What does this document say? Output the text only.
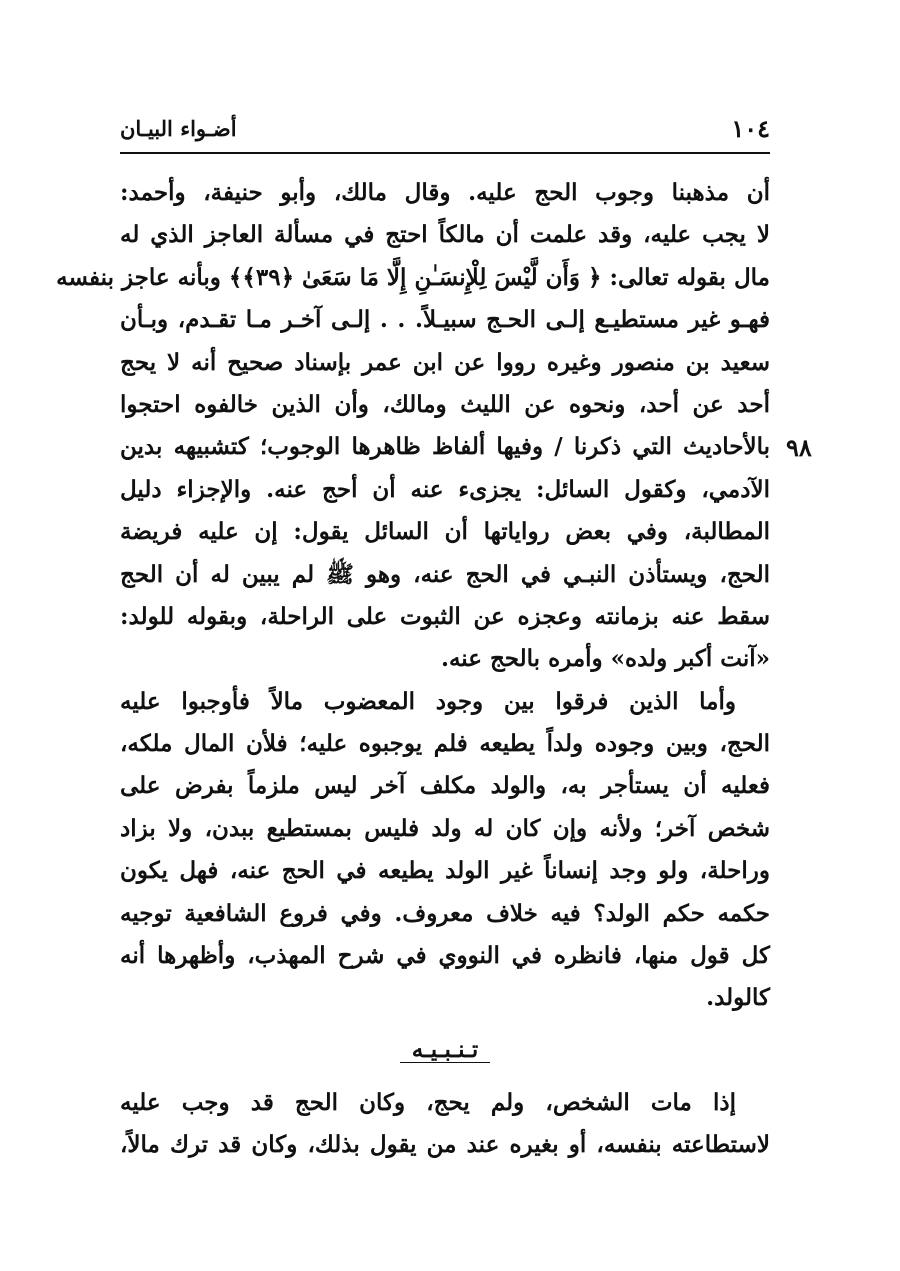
١٠٤
أضـواء البيـان
٩٨
أن مذهبنا وجوب الحج عليه. وقال مالك، وأبو حنيفة، وأحمد:
لا يجب عليه، وقد علمت أن مالكاً احتج في مسألة العاجز الذي له
مال بقوله تعالى: ﴿ وَأَن لَّيْسَ لِلْإِنسَـٰنِ إِلَّا مَا سَعَىٰ ﴿٣٩﴾﴾ وبأنه عاجز بنفسه
فهـو غير مستطيـع إلـى الحـج سبيـلاً. . . إلـى آخـر مـا تقـدم، وبـأن
سعيد بن منصور وغيره رووا عن ابن عمر بإسناد صحيح أنه لا يحج
أحد عن أحد، ونحوه عن الليث ومالك، وأن الذين خالفوه احتجوا
بالأحاديث التي ذكرنا / وفيها ألفاظ ظاهرها الوجوب؛ كتشبيهه بدين
الآدمي، وكقول السائل: يجزىء عنه أن أحج عنه. والإجزاء دليل
المطالبة، وفي بعض رواياتها أن السائل يقول: إن عليه فريضة
الحج، ويستأذن النبـي في الحج عنه، وهو ﷺ لم يبين له أن الحج
سقط عنه بزمانته وعجزه عن الثبوت على الراحلة، وبقوله للولد:
«آنت أكبر ولده» وأمره بالحج عنه.
وأما الذين فرقوا بين وجود المعضوب مالاً فأوجبوا عليه
الحج، وبين وجوده ولداً يطيعه فلم يوجبوه عليه؛ فلأن المال ملكه،
فعليه أن يستأجر به، والولد مكلف آخر ليس ملزماً بفرض على
شخص آخر؛ ولأنه وإن كان له ولد فليس بمستطيع ببدن، ولا بزاد
وراحلة، ولو وجد إنساناً غير الولد يطيعه في الحج عنه، فهل يكون
حكمه حكم الولد؟ فيه خلاف معروف. وفي فروع الشافعية توجيه
كل قول منها، فانظره في النووي في شرح المهذب، وأظهرها أنه
كالولد.
تـنـبـيـه
إذا مات الشخص، ولم يحج، وكان الحج قد وجب عليه
لاستطاعته بنفسه، أو بغيره عند من يقول بذلك، وكان قد ترك مالاً،
